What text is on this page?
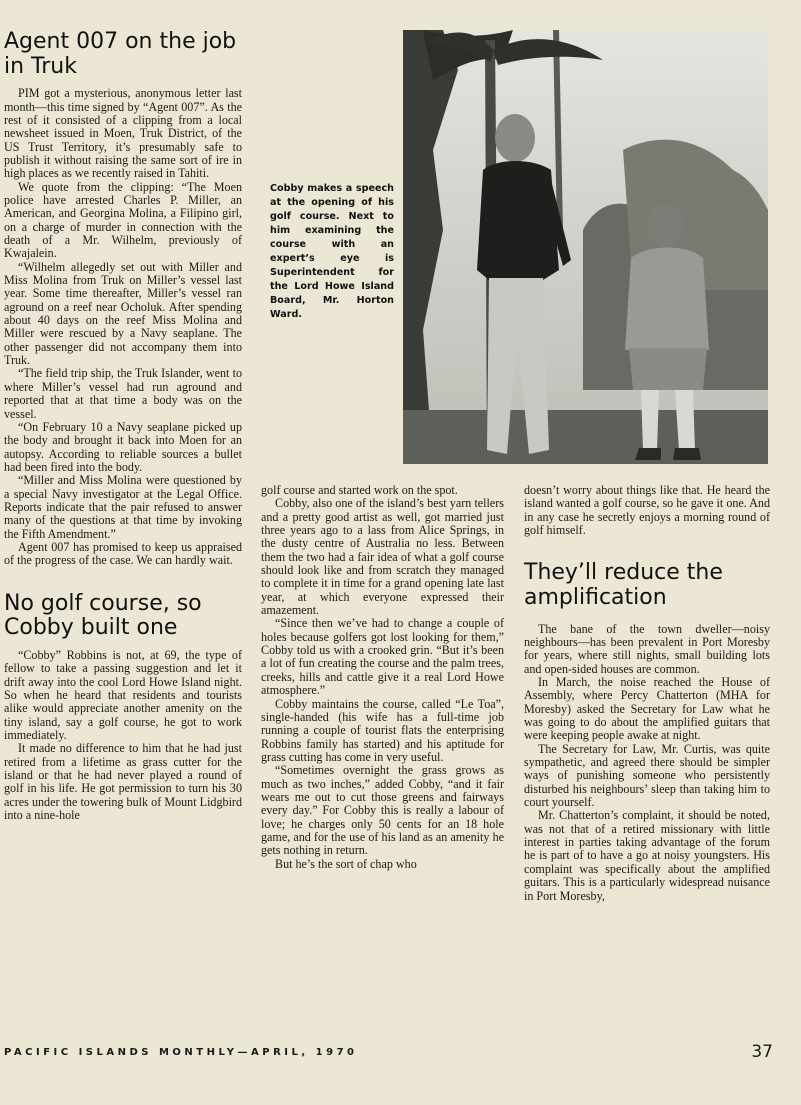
Agent 007 on the job in Truk

PIM got a mysterious, anonymous letter last month—this time signed by “Agent 007”. As the rest of it consisted of a clipping from a local newsheet issued in Moen, Truk District, of the US Trust Territory, it’s presumably safe to publish it without raising the same sort of ire in high places as we recently raised in Tahiti.

We quote from the clipping: “The Moen police have arrested Charles P. Miller, an American, and Georgina Molina, a Filipino girl, on a charge of murder in connection with the death of a Mr. Wilhelm, previously of Kwajalein.

“Wilhelm allegedly set out with Miller and Miss Molina from Truk on Miller’s vessel last year. Some time thereafter, Miller’s vessel ran aground on a reef near Ocholuk. After spending about 40 days on the reef Miss Molina and Miller were rescued by a Navy seaplane. The other passenger did not accompany them into Truk.

“The field trip ship, the Truk Islander, went to where Miller’s vessel had run aground and reported that at that time a body was on the vessel.

“On February 10 a Navy seaplane picked up the body and brought it back into Moen for an autopsy. According to reliable sources a bullet had been fired into the body.

“Miller and Miss Molina were questioned by a special Navy investigator at the Legal Office. Reports indicate that the pair refused to answer many of the questions at that time by invoking the Fifth Amendment.”

Agent 007 has promised to keep us appraised of the progress of the case. We can hardly wait.

No golf course, so Cobby built one

“Cobby” Robbins is not, at 69, the type of fellow to take a passing suggestion and let it drift away into the cool Lord Howe Island night. So when he heard that residents and tourists alike would appreciate another amenity on the tiny island, say a golf course, he got to work immediately.

It made no difference to him that he had just retired from a lifetime as grass cutter for the island or that he had never played a round of golf in his life. He got permission to turn his 30 acres under the towering bulk of Mount Lidgbird into a nine-hole

Cobby makes a speech at the opening of his golf course. Next to him examining the course with an expert’s eye is Superintendent for the Lord Howe Island Board, Mr. Horton Ward.

golf course and started work on the spot.

Cobby, also one of the island’s best yarn tellers and a pretty good artist as well, got married just three years ago to a lass from Alice Springs, in the dusty centre of Australia no less. Between them the two had a fair idea of what a golf course should look like and from scratch they managed to complete it in time for a grand opening late last year, at which everyone expressed their amazement.

“Since then we’ve had to change a couple of holes because golfers got lost looking for them,” Cobby told us with a crooked grin. “But it’s been a lot of fun creating the course and the palm trees, creeks, hills and cattle give it a real Lord Howe atmosphere.”

Cobby maintains the course, called “Le Toa”, single-handed (his wife has a full-time job running a couple of tourist flats the enterprising Robbins family has started) and his aptitude for grass cutting has come in very useful.

“Sometimes overnight the grass grows as much as two inches,” added Cobby, “and it fair wears me out to cut those greens and fairways every day.” For Cobby this is really a labour of love; he charges only 50 cents for an 18 hole game, and for the use of his land as an amenity he gets nothing in return.

But he’s the sort of chap who

doesn’t worry about things like that. He heard the island wanted a golf course, so he gave it one. And in any case he secretly enjoys a morning round of golf himself.

They’ll reduce the amplification

The bane of the town dweller—noisy neighbours—has been prevalent in Port Moresby for years, where still nights, small building lots and open-sided houses are common.

In March, the noise reached the House of Assembly, where Percy Chatterton (MHA for Moresby) asked the Secretary for Law what he was going to do about the amplified guitars that were keeping people awake at night.

The Secretary for Law, Mr. Curtis, was quite sympathetic, and agreed there should be simpler ways of punishing someone who persistently disturbed his neighbours’ sleep than taking him to court yourself.

Mr. Chatterton’s complaint, it should be noted, was not that of a retired missionary with little interest in parties taking advantage of the forum he is part of to have a go at noisy youngsters. His complaint was specifically about the amplified guitars. This is a particularly widespread nuisance in Port Moresby,

PACIFIC ISLANDS MONTHLY—APRIL, 1970	37
